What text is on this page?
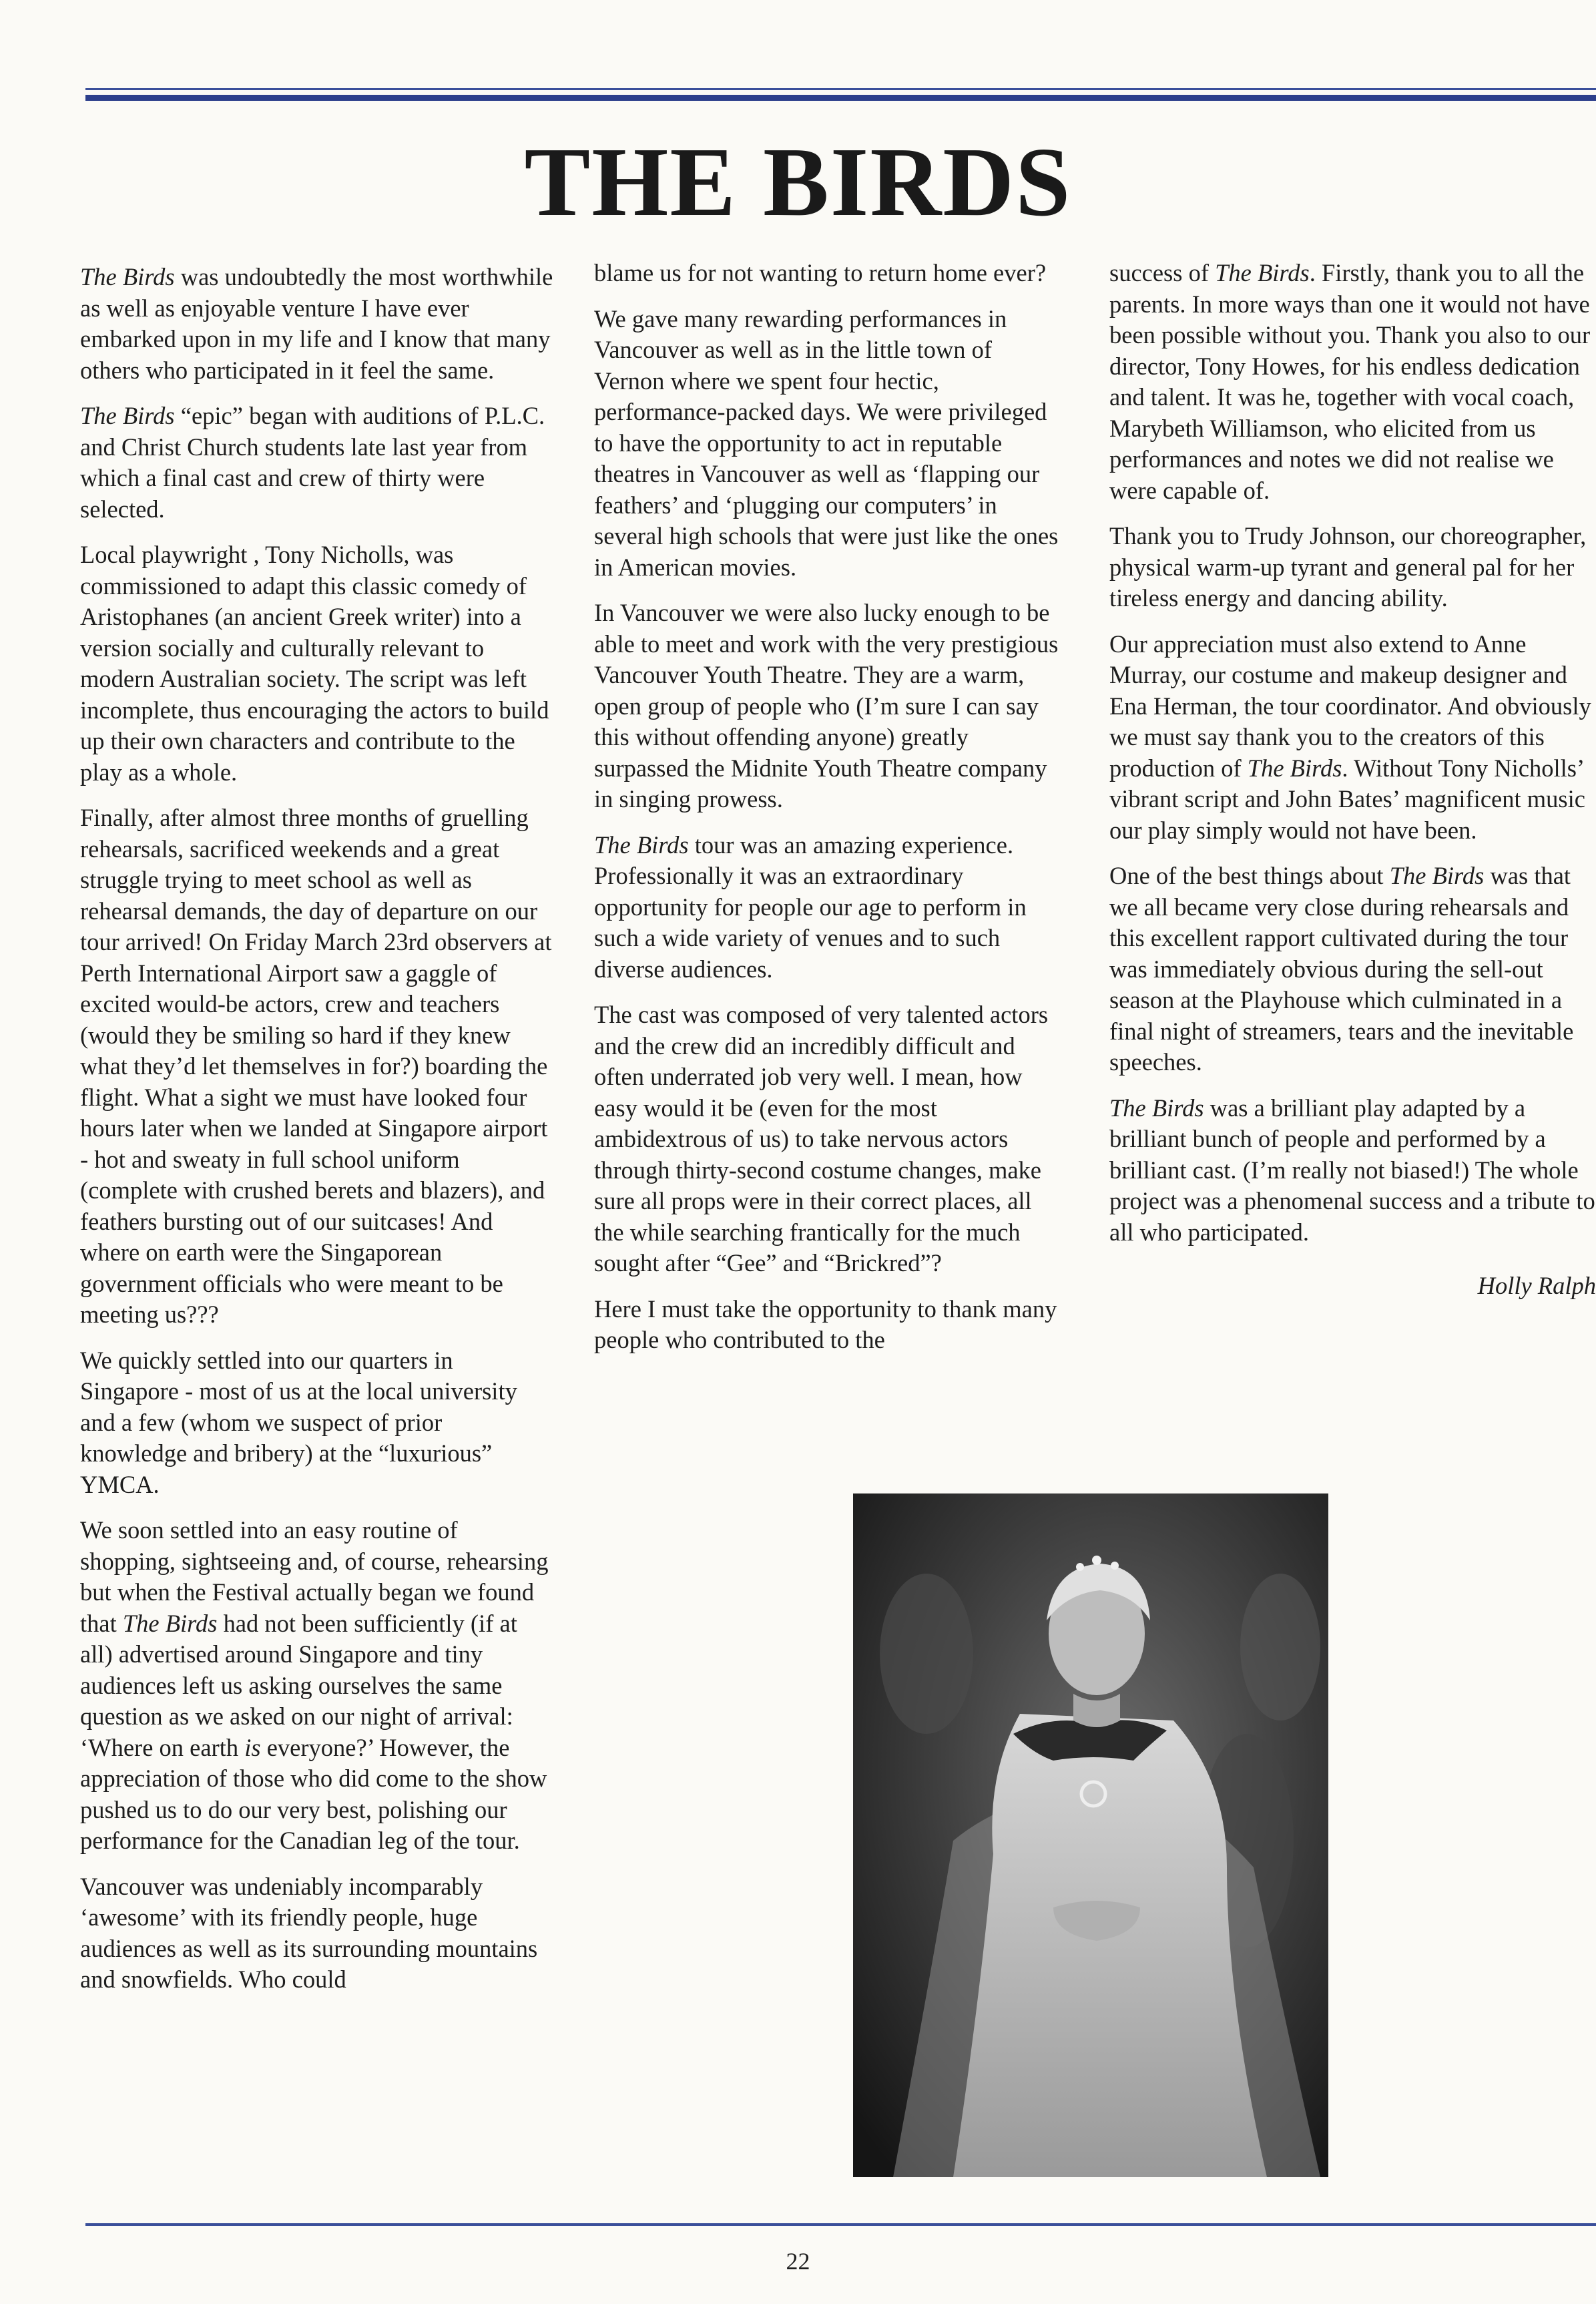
THE BIRDS

The Birds was undoubtedly the most worthwhile as well as enjoyable venture I have ever embarked upon in my life and I know that many others who participated in it feel the same.

The Birds “epic” began with auditions of P.L.C. and Christ Church students late last year from which a final cast and crew of thirty were selected.

Local playwright , Tony Nicholls, was commissioned to adapt this classic comedy of Aristophanes (an ancient Greek writer) into a version socially and culturally relevant to modern Australian society. The script was left incomplete, thus encouraging the actors to build up their own characters and contribute to the play as a whole.

Finally, after almost three months of gruelling rehearsals, sacrificed weekends and a great struggle trying to meet school as well as rehearsal demands, the day of departure on our tour arrived! On Friday March 23rd observers at Perth International Airport saw a gaggle of excited would-be actors, crew and teachers (would they be smiling so hard if they knew what they’d let themselves in for?) boarding the flight. What a sight we must have looked four hours later when we landed at Singapore airport - hot and sweaty in full school uniform (complete with crushed berets and blazers), and feathers bursting out of our suitcases! And where on earth were the Singaporean government officials who were meant to be meeting us???

We quickly settled into our quarters in Singapore - most of us at the local university and a few (whom we suspect of prior knowledge and bribery) at the “luxurious” YMCA.

We soon settled into an easy routine of shopping, sightseeing and, of course, rehearsing but when the Festival actually began we found that The Birds had not been sufficiently (if at all) advertised around Singapore and tiny audiences left us asking ourselves the same question as we asked on our night of arrival: ‘Where on earth is everyone?’ However, the appreciation of those who did come to the show pushed us to do our very best, polishing our performance for the Canadian leg of the tour.

Vancouver was undeniably incomparably ‘awesome’ with its friendly people, huge audiences as well as its surrounding mountains and snowfields. Who could

blame us for not wanting to return home ever?

We gave many rewarding performances in Vancouver as well as in the little town of Vernon where we spent four hectic, performance-packed days. We were privileged to have the opportunity to act in reputable theatres in Vancouver as well as ‘flapping our feathers’ and ‘plugging our computers’ in several high schools that were just like the ones in American movies.

In Vancouver we were also lucky enough to be able to meet and work with the very prestigious Vancouver Youth Theatre. They are a warm, open group of people who (I’m sure I can say this without offending anyone) greatly surpassed the Midnite Youth Theatre company in singing prowess.

The Birds tour was an amazing experience. Professionally it was an extraordinary opportunity for people our age to perform in such a wide variety of venues and to such diverse audiences.

The cast was composed of very talented actors and the crew did an incredibly difficult and often underrated job very well. I mean, how easy would it be (even for the most ambidextrous of us) to take nervous actors through thirty-second costume changes, make sure all props were in their correct places, all the while searching frantically for the much sought after “Gee” and “Brickred”?

Here I must take the opportunity to thank many people who contributed to the

success of The Birds. Firstly, thank you to all the parents. In more ways than one it would not have been possible without you. Thank you also to our director, Tony Howes, for his endless dedication and talent. It was he, together with vocal coach, Marybeth Williamson, who elicited from us performances and notes we did not realise we were capable of.

Thank you to Trudy Johnson, our choreographer, physical warm-up tyrant and general pal for her tireless energy and dancing ability.

Our appreciation must also extend to Anne Murray, our costume and makeup designer and Ena Herman, the tour coordinator. And obviously we must say thank you to the creators of this production of The Birds. Without Tony Nicholls’ vibrant script and John Bates’ magnificent music our play simply would not have been.

One of the best things about The Birds was that we all became very close during rehearsals and this excellent rapport cultivated during the tour was immediately obvious during the sell-out season at the Playhouse which culminated in a final night of streamers, tears and the inevitable speeches.

The Birds was a brilliant play adapted by a brilliant bunch of people and performed by a brilliant cast. (I’m really not biased!) The whole project was a phenomenal success and a tribute to all who participated.

Holly Ralph

22
